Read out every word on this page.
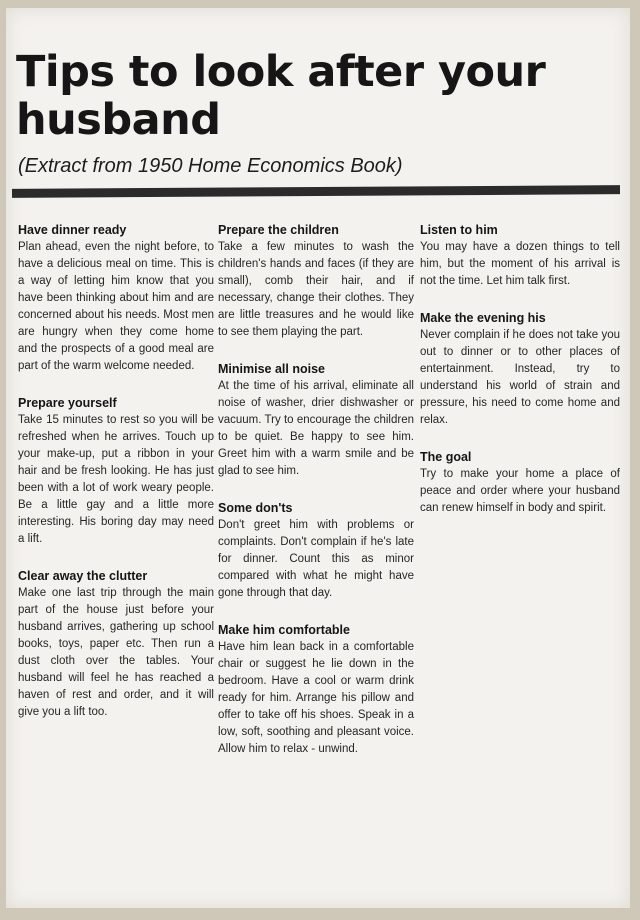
Tips to look after your husband
(Extract from 1950 Home Economics Book)
Have dinner ready
Plan ahead, even the night before, to have a delicious meal on time. This is a way of letting him know that you have been thinking about him and are concerned about his needs. Most men are hungry when they come home and the prospects of a good meal are part of the warm welcome needed.
Prepare yourself
Take 15 minutes to rest so you will be refreshed when he arrives. Touch up your make-up, put a ribbon in your hair and be fresh looking. He has just been with a lot of work weary people. Be a little gay and a little more interesting. His boring day may need a lift.
Clear away the clutter
Make one last trip through the main part of the house just before your husband arrives, gathering up school books, toys, paper etc. Then run a dust cloth over the tables. Your husband will feel he has reached a haven of rest and order, and it will give you a lift too.
Prepare the children
Take a few minutes to wash the children's hands and faces (if they are small), comb their hair, and if necessary, change their clothes. They are little treasures and he would like to see them playing the part.
Minimise all noise
At the time of his arrival, eliminate all noise of washer, drier dishwasher or vacuum. Try to encourage the children to be quiet. Be happy to see him. Greet him with a warm smile and be glad to see him.
Some don'ts
Don't greet him with problems or complaints. Don't complain if he's late for dinner. Count this as minor compared with what he might have gone through that day.
Make him comfortable
Have him lean back in a comfortable chair or suggest he lie down in the bedroom. Have a cool or warm drink ready for him. Arrange his pillow and offer to take off his shoes. Speak in a low, soft, soothing and pleasant voice. Allow him to relax - unwind.
Listen to him
You may have a dozen things to tell him, but the moment of his arrival is not the time. Let him talk first.
Make the evening his
Never complain if he does not take you out to dinner or to other places of entertainment. Instead, try to understand his world of strain and pressure, his need to come home and relax.
The goal
Try to make your home a place of peace and order where your husband can renew himself in body and spirit.
